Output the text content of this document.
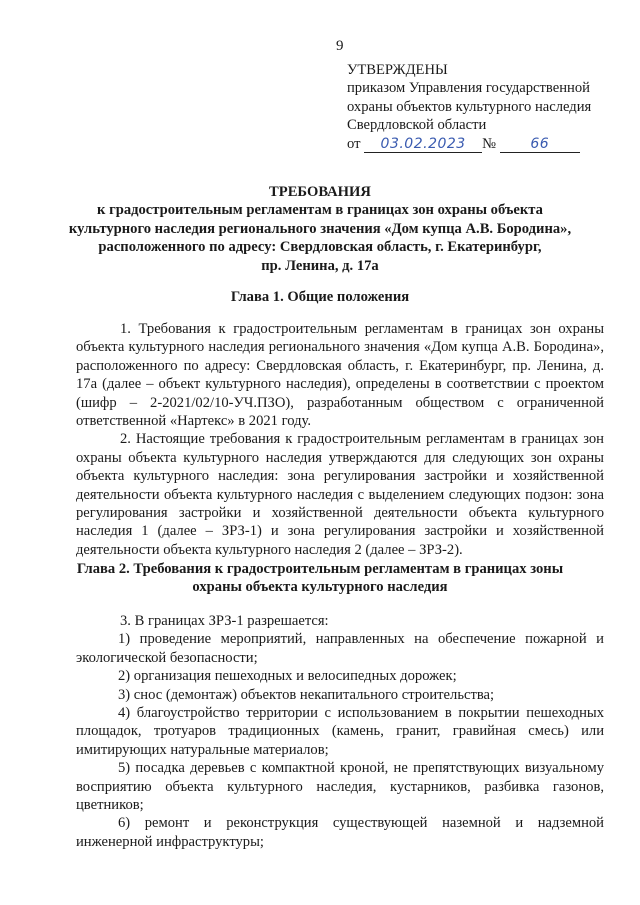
9
УТВЕРЖДЕНЫ
приказом Управления государственной
охраны объектов культурного наследия
Свердловской области
от 03.02.2023 № 66
ТРЕБОВАНИЯ
к градостроительным регламентам в границах зон охраны объекта
культурного наследия регионального значения «Дом купца А.В. Бородина»,
расположенного по адресу: Свердловская область, г. Екатеринбург,
пр. Ленина, д. 17а
Глава 1. Общие положения

1. Требования к градостроительным регламентам в границах зон охраны объекта культурного наследия регионального значения «Дом купца А.В. Бородина», расположенного по адресу: Свердловская область, г. Екатеринбург, пр. Ленина, д. 17а (далее – объект культурного наследия), определены в соответствии с проектом (шифр – 2-2021/02/10-УЧ.ПЗО), разработанным обществом с ограниченной ответственной «Нартекс» в 2021 году.

2. Настоящие требования к градостроительным регламентам в границах зон охраны объекта культурного наследия утверждаются для следующих зон охраны объекта культурного наследия: зона регулирования застройки и хозяйственной деятельности объекта культурного наследия с выделением следующих подзон: зона регулирования застройки и хозяйственной деятельности объекта культурного наследия 1 (далее – ЗРЗ-1) и зона регулирования застройки и хозяйственной деятельности объекта культурного наследия 2 (далее – ЗРЗ-2).

Глава 2. Требования к градостроительным регламентам в границах зоны
охраны объекта культурного наследия

3. В границах ЗРЗ-1 разрешается:

1) проведение мероприятий, направленных на обеспечение пожарной и экологической безопасности;

2) организация пешеходных и велосипедных дорожек;

3) снос (демонтаж) объектов некапитального строительства;

4) благоустройство территории с использованием в покрытии пешеходных площадок, тротуаров традиционных (камень, гранит, гравийная смесь) или имитирующих натуральные материалов;

5) посадка деревьев с компактной кроной, не препятствующих визуальному восприятию объекта культурного наследия, кустарников, разбивка газонов, цветников;

6) ремонт и реконструкция существующей наземной и надземной инженерной инфраструктуры;
